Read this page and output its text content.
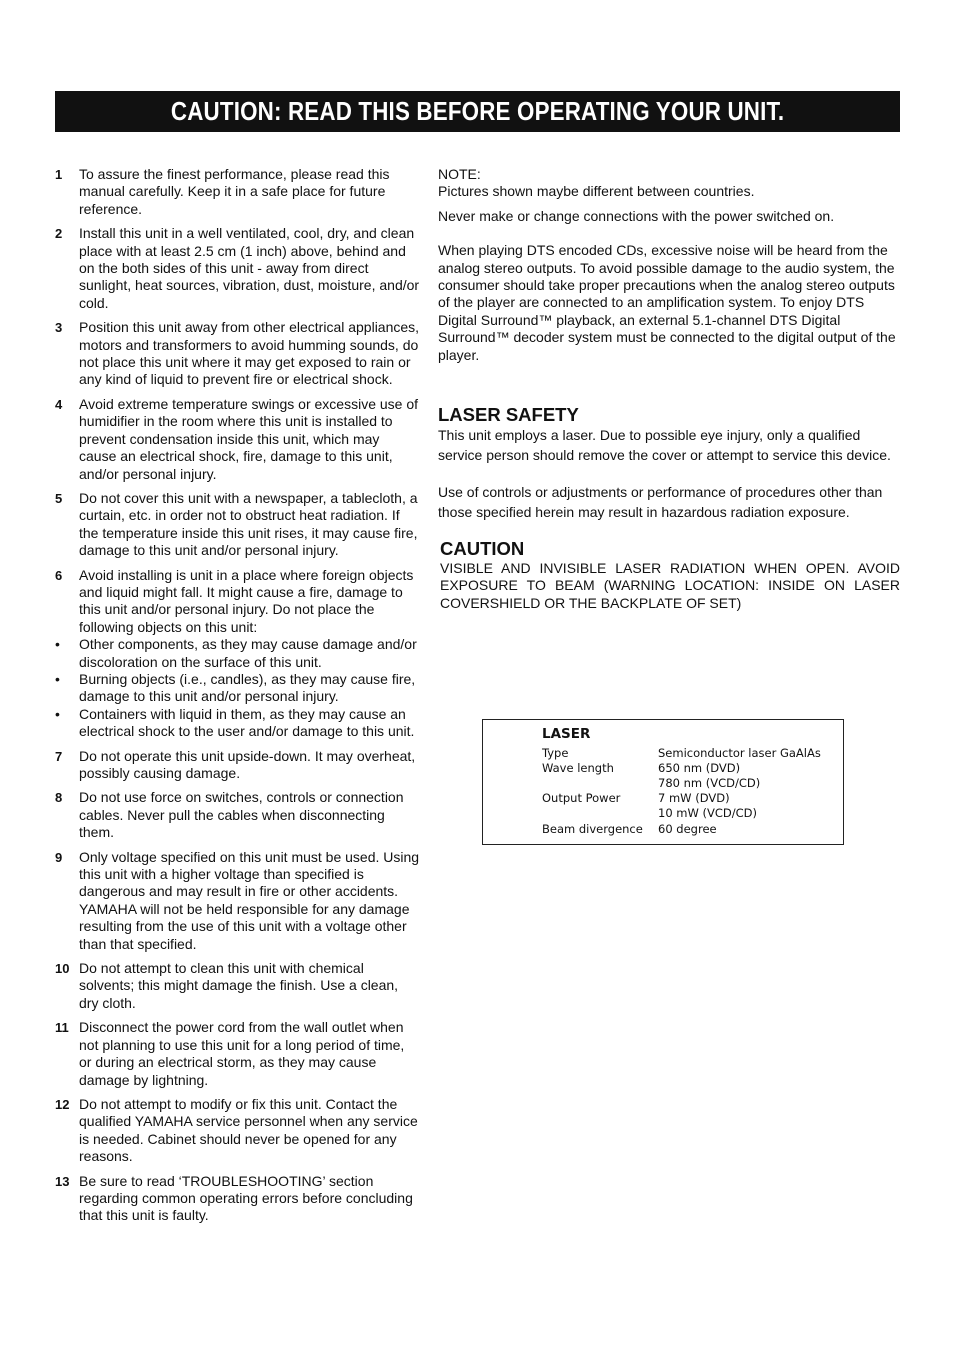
CAUTION: READ THIS BEFORE OPERATING YOUR UNIT.
1	To assure the finest performance, please read this manual carefully. Keep it in a safe place for future reference.
2	Install this unit in a well ventilated, cool, dry, and clean place with at least 2.5 cm (1 inch) above, behind and on the both sides of this unit - away from direct sunlight, heat sources, vibration, dust, moisture, and/or cold.
3	Position this unit away from other electrical appliances, motors and transformers to avoid humming sounds, do not place this unit where it may get exposed to rain or any kind of liquid to prevent fire or electrical shock.
4	Avoid extreme temperature swings or excessive use of humidifier in the room where this unit is installed to prevent condensation inside this unit, which may cause an electrical shock, fire, damage to this unit, and/or personal injury.
5	Do not cover this unit with a newspaper, a tablecloth, a curtain, etc. in order not to obstruct heat radiation. If the temperature inside this unit rises, it may cause fire, damage to this unit and/or personal injury.
6	Avoid installing is unit in a place where foreign objects and liquid might fall. It might cause a fire, damage to this unit and/or personal injury. Do not place the following objects on this unit:
•	Other components, as they may cause damage and/or discoloration on the surface of this unit.
•	Burning objects (i.e., candles), as they may cause fire, damage to this unit and/or personal injury.
•	Containers with liquid in them, as they may cause an electrical shock to the user and/or damage to this unit.
7	Do not operate this unit upside-down. It may overheat, possibly causing damage.
8	Do not use force on switches, controls or connection cables. Never pull the cables when disconnecting them.
9	Only voltage specified on this unit must be used. Using this unit with a higher voltage than specified is dangerous and may result in fire or other accidents. YAMAHA will not be held responsible for any damage resulting from the use of this unit with a voltage other than that specified.
10 Do not attempt to clean this unit with chemical solvents; this might damage the finish. Use a clean, dry cloth.
11 Disconnect the power cord from the wall outlet when not planning to use this unit for a long period of time, or during an electrical storm, as they may cause damage by lightning.
12 Do not attempt to modify or fix this unit. Contact the qualified YAMAHA service personnel when any service is needed. Cabinet should never be opened for any reasons.
13 Be sure to read ‘TROUBLESHOOTING’ section regarding common operating errors before concluding that this unit is faulty.

NOTE:

Pictures shown maybe different between countries.

Never make or change connections with the power switched on.

When playing DTS encoded CDs, excessive noise will be heard from the analog stereo outputs. To avoid possible damage to the audio system, the consumer should take proper precautions when the analog stereo outputs of the player are connected to an amplification system. To enjoy DTS Digital Surround™ playback, an external 5.1-channel DTS Digital Surround™ decoder system must be connected to the digital output of the player.

LASER SAFETY

This unit employs a laser. Due to possible eye injury, only a qualified service person should remove the cover or attempt to service this device.

Use of controls or adjustments or performance of procedures other than those specified herein may result in hazardous radiation exposure.

CAUTION

VISIBLE AND INVISIBLE LASER RADIATION WHEN OPEN. AVOID EXPOSURE TO BEAM (WARNING LOCATION: INSIDE ON LASER COVERSHIELD OR THE BACKPLATE OF SET)

LASER
Type	Semiconductor laser GaAlAs
Wave length	650 nm (DVD)
780 nm (VCD/CD)
Output Power	7 mW (DVD)
10 mW (VCD/CD)
Beam divergence 60 degree
